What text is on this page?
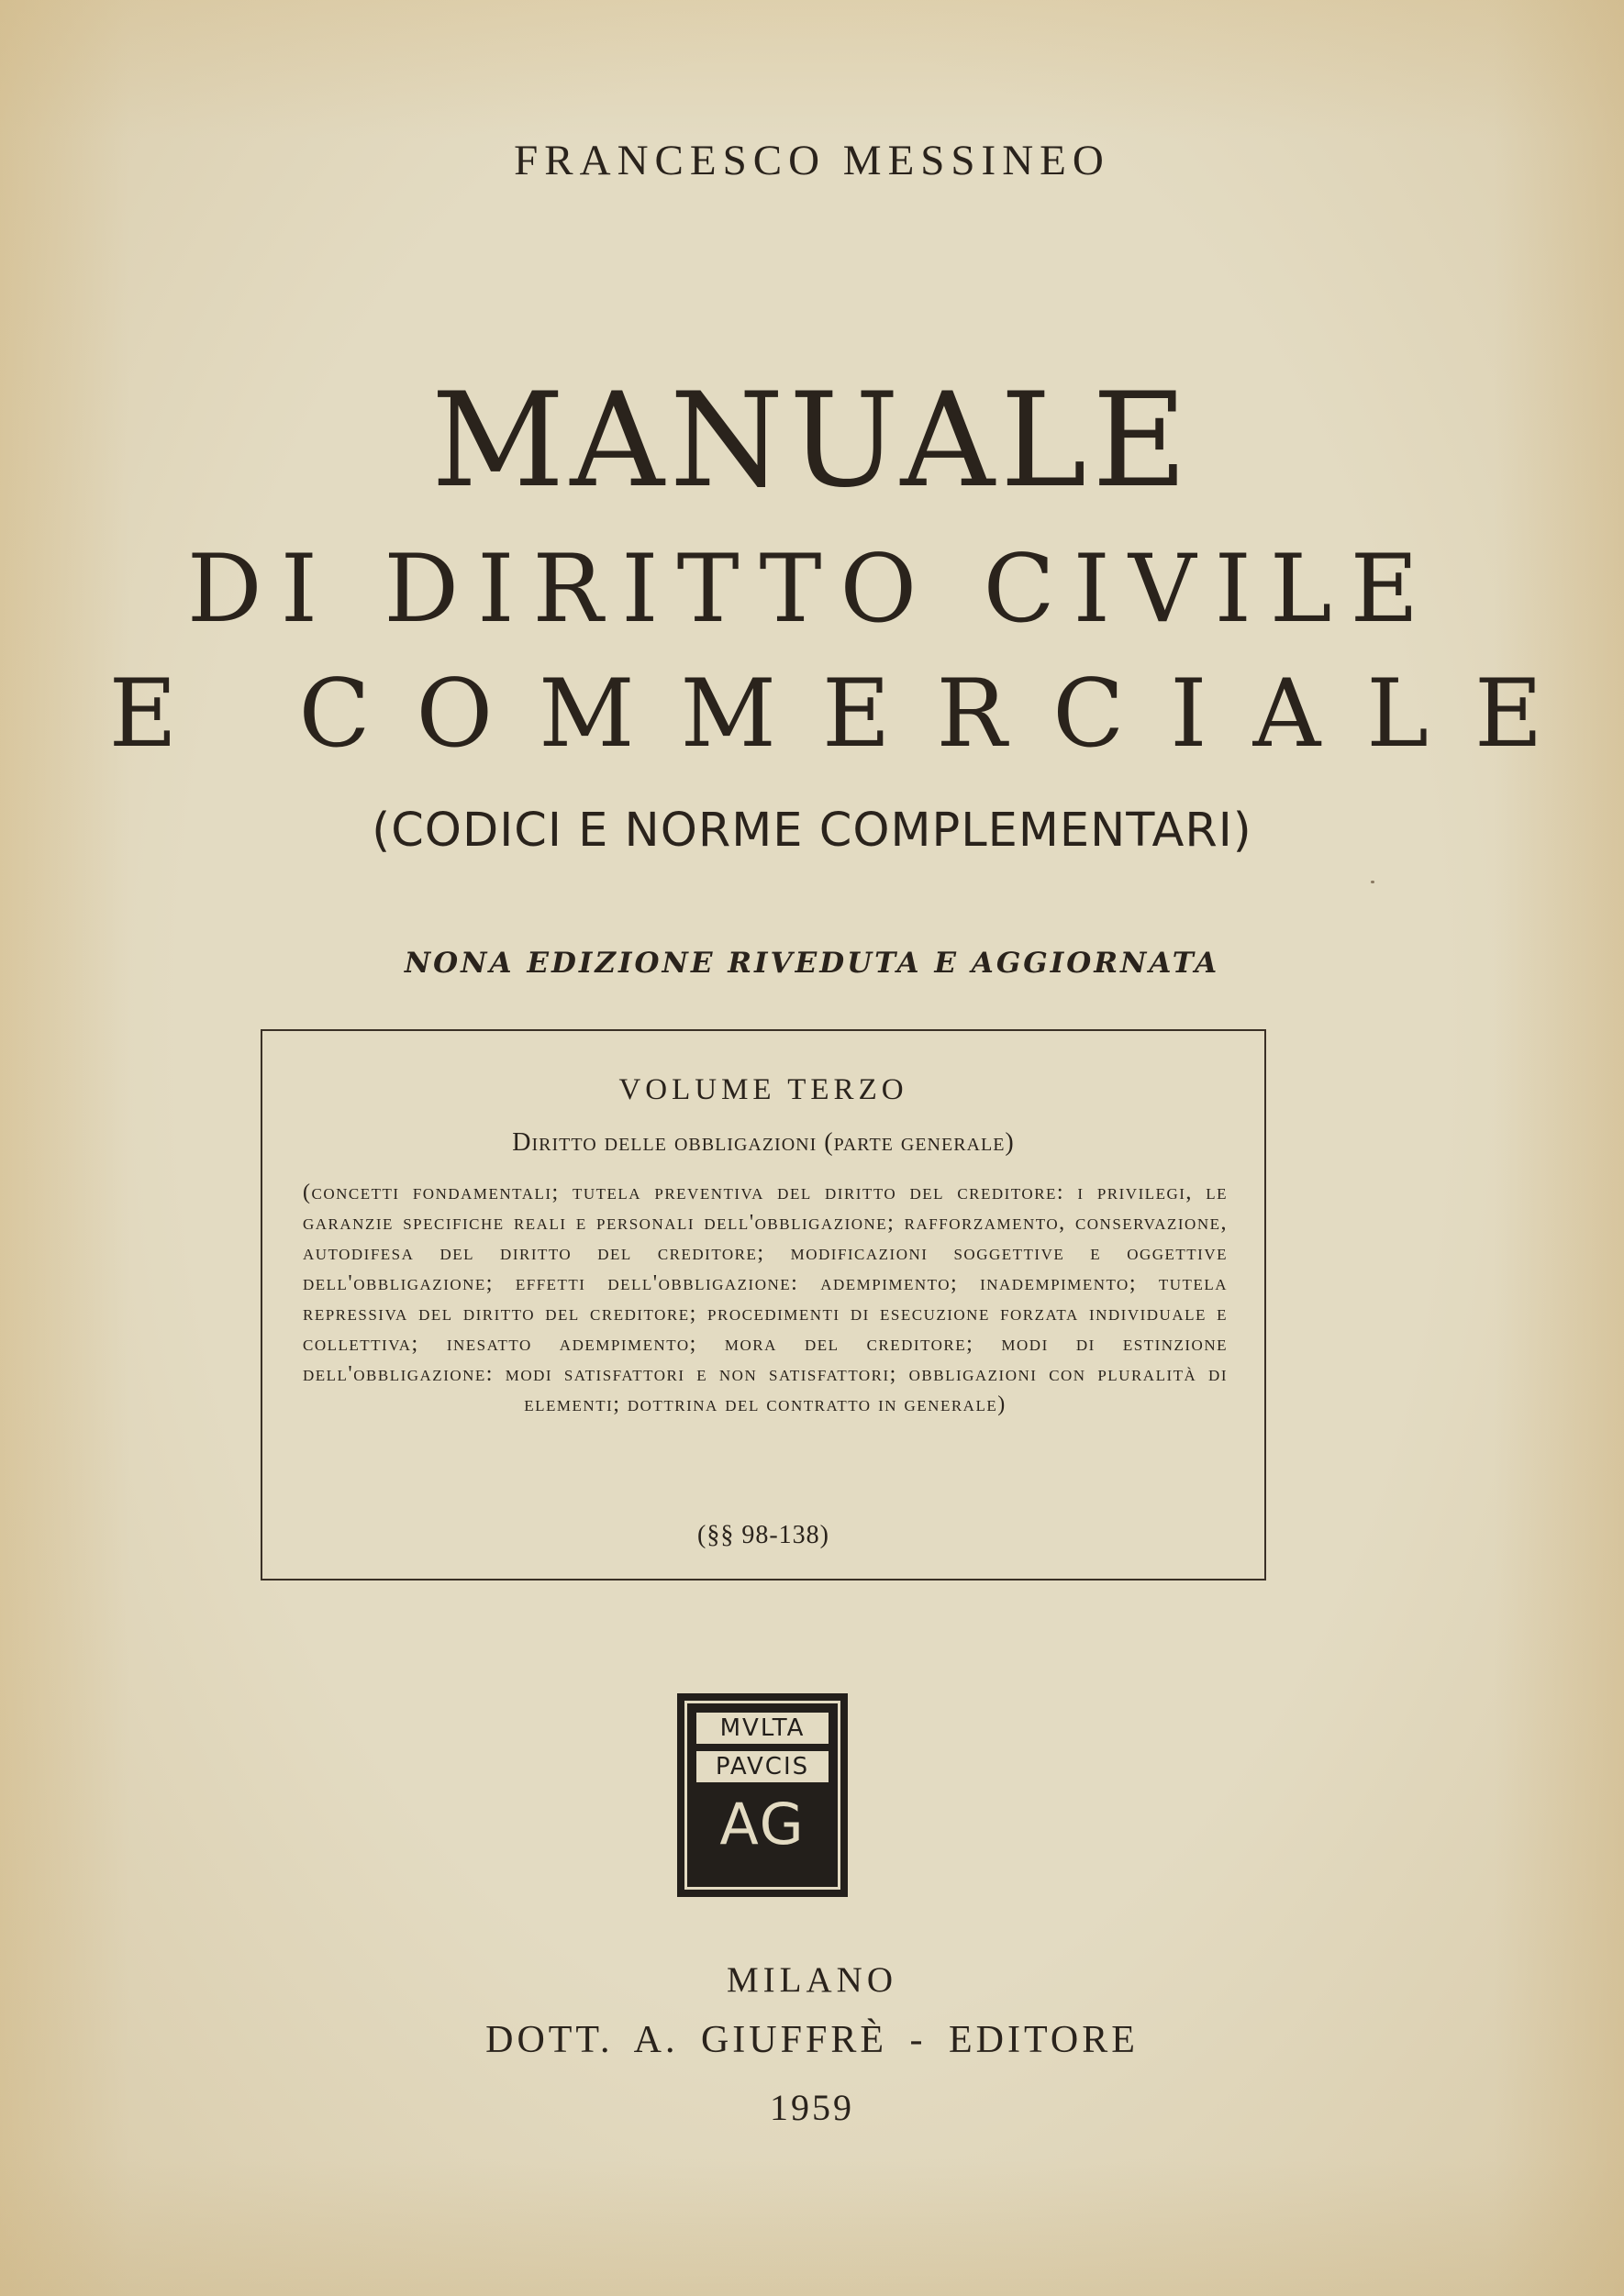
FRANCESCO MESSINEO
MANUALE
DI DIRITTO CIVILE
E COMMERCIALE
(CODICI E NORME COMPLEMENTARI)
NONA EDIZIONE RIVEDUTA E AGGIORNATA
VOLUME TERZO
Diritto delle obbligazioni (parte generale)
(concetti fondamentali; tutela preventiva del diritto del creditore: i privilegi, le garanzie specifiche reali e personali dell'obbligazione; rafforzamento, conservazione, autodifesa del diritto del creditore; modificazioni soggettive e oggettive dell'obbligazione; effetti dell'obbligazione: adempimento; inadempimento; tutela repressiva del diritto del creditore; procedimenti di esecuzione forzata individuale e collettiva; inesatto adempimento; mora del creditore; modi di estinzione dell'obbligazione: modi satisfattori e non satisfattori; obbligazioni con pluralità di elementi; dottrina del contratto in generale)
(§§ 98-138)
MVLTA
PAVCIS
AG
MILANO
DOTT. A. GIUFFRÈ - EDITORE
1959
